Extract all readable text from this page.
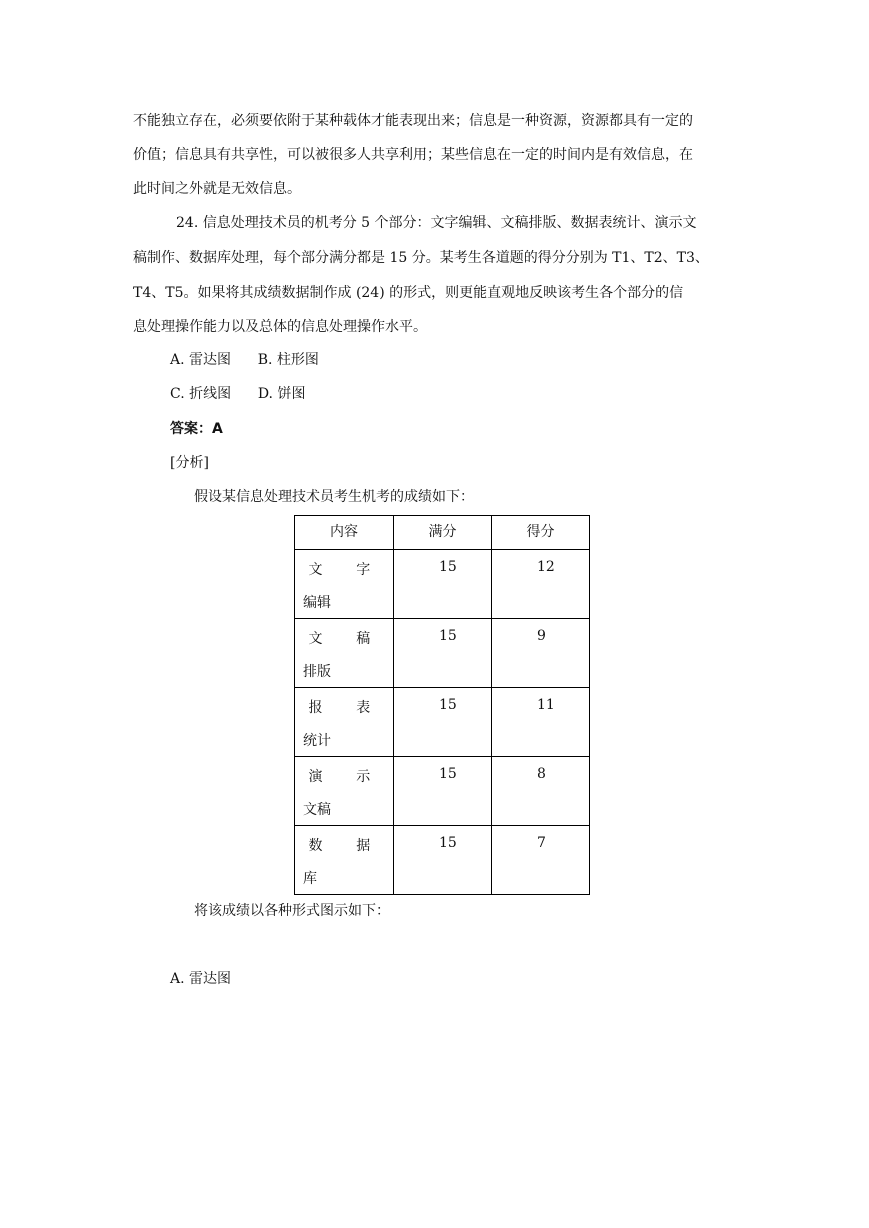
不能独立存在，必须要依附于某种载体才能表现出来；信息是一种资源，资源都具有一定的
价值；信息具有共享性，可以被很多人共享利用；某些信息在一定的时间内是有效信息，在
此时间之外就是无效信息。
24. 信息处理技术员的机考分 5 个部分：文字编辑、文稿排版、数据表统计、演示文
稿制作、数据库处理，每个部分满分都是 15 分。某考生各道题的得分分别为 T1、T2、T3、
T4、T5。如果将其成绩数据制作成 (24) 的形式，则更能直观地反映该考生各个部分的信
息处理操作能力以及总体的信息处理操作水平。
A. 雷达图      B. 柱形图
C. 折线图      D. 饼图
答案：A
[分析]
假设某信息处理技术员考生机考的成绩如下：
内容	满分	得分

文 字
编辑	15	12

文 稿
排版	15	9

报 表
统计	15	11

演 示
文稿	15	8

数 据
库	15	7
将该成绩以各种形式图示如下：
A. 雷达图
